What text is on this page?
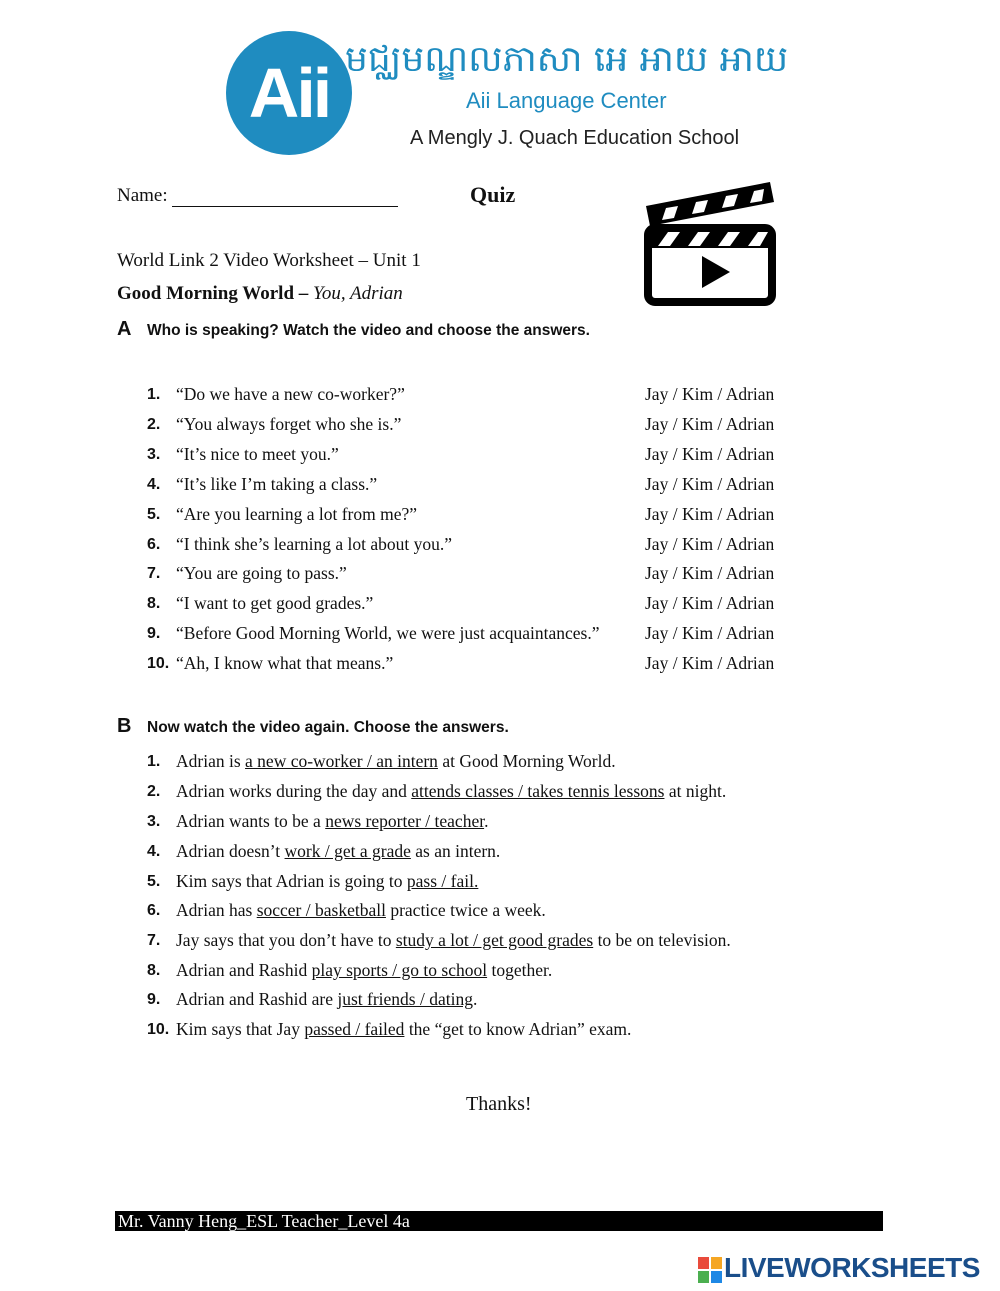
Aii មជ្ឈមណ្ឌលភាសា អេ អាយ អាយ
Aii Language Center
A Mengly J. Quach Education School
Name:	Quiz
World Link 2 Video Worksheet – Unit 1
Good Morning World – You, Adrian
A Who is speaking? Watch the video and choose the answers.
1. “Do we have a new co-worker?”	Jay / Kim / Adrian
2. “You always forget who she is.”	Jay / Kim / Adrian
3. “It’s nice to meet you.”	Jay / Kim / Adrian
4. “It’s like I’m taking a class.”	Jay / Kim / Adrian
5. “Are you learning a lot from me?”	Jay / Kim / Adrian
6. “I think she’s learning a lot about you.”	Jay / Kim / Adrian
7. “You are going to pass.”	Jay / Kim / Adrian
8. “I want to get good grades.”	Jay / Kim / Adrian
9. “Before Good Morning World, we were just acquaintances.”	Jay / Kim / Adrian
10. “Ah, I know what that means.”	Jay / Kim / Adrian
B Now watch the video again. Choose the answers.
1. Adrian is a new co-worker / an intern at Good Morning World.
2. Adrian works during the day and attends classes / takes tennis lessons at night.
3. Adrian wants to be a news reporter / teacher.
4. Adrian doesn’t work / get a grade as an intern.
5. Kim says that Adrian is going to pass / fail.
6. Adrian has soccer / basketball practice twice a week.
7. Jay says that you don’t have to study a lot / get good grades to be on television.
8. Adrian and Rashid play sports / go to school together.
9. Adrian and Rashid are just friends / dating.
10. Kim says that Jay passed / failed the “get to know Adrian” exam.
Thanks!
Mr. Vanny Heng_ESL Teacher_Level 4a
LIVEWORKSHEETS
